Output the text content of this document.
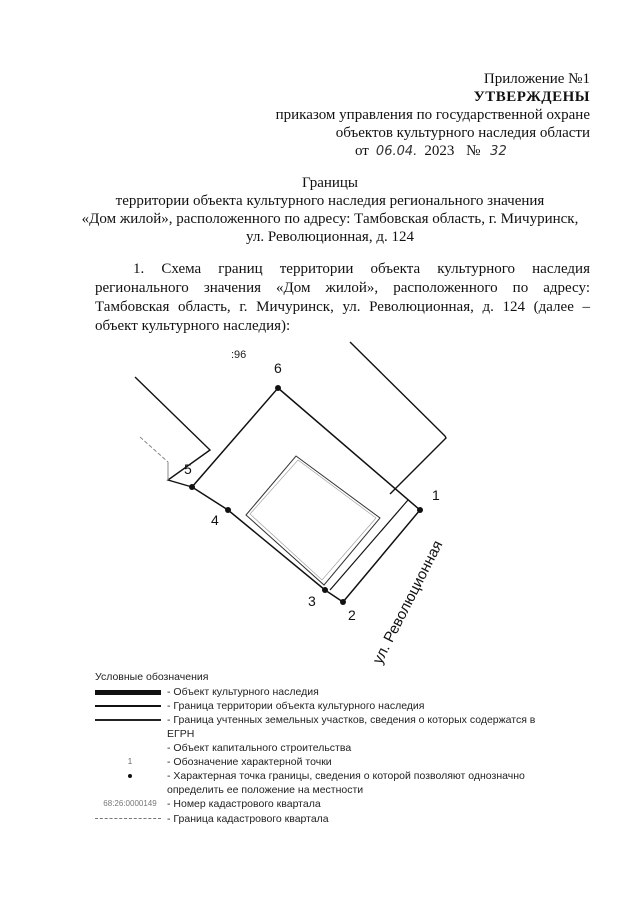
Приложение №1
УТВЕРЖДЕНЫ
приказом управления по государственной охране
объектов культурного наследия области
от 06.04. 2023 № 32
Границы
территории объекта культурного наследия регионального значения
«Дом жилой», расположенного по адресу: Тамбовская область, г. Мичуринск,
ул. Революционная, д. 124
1. Схема границ территории объекта культурного наследия регионального значения «Дом жилой», расположенного по адресу: Тамбовская область, г. Мичуринск, ул. Революционная, д. 124 (далее – объект культурного наследия):
:96
1
2
3
4
5
6
ул. Революционная
Условные обозначения
- Объект культурного наследия
- Граница территории объекта культурного наследия
- Граница учтенных земельных участков, сведения о которых содержатся в ЕГРН
- Объект капитального строительства
1	- Обозначение характерной точки
- Характерная точка границы, сведения о которой позволяют однозначно определить ее положение на местности
68:26:0000149 - Номер кадастрового квартала
- Граница кадастрового квартала
